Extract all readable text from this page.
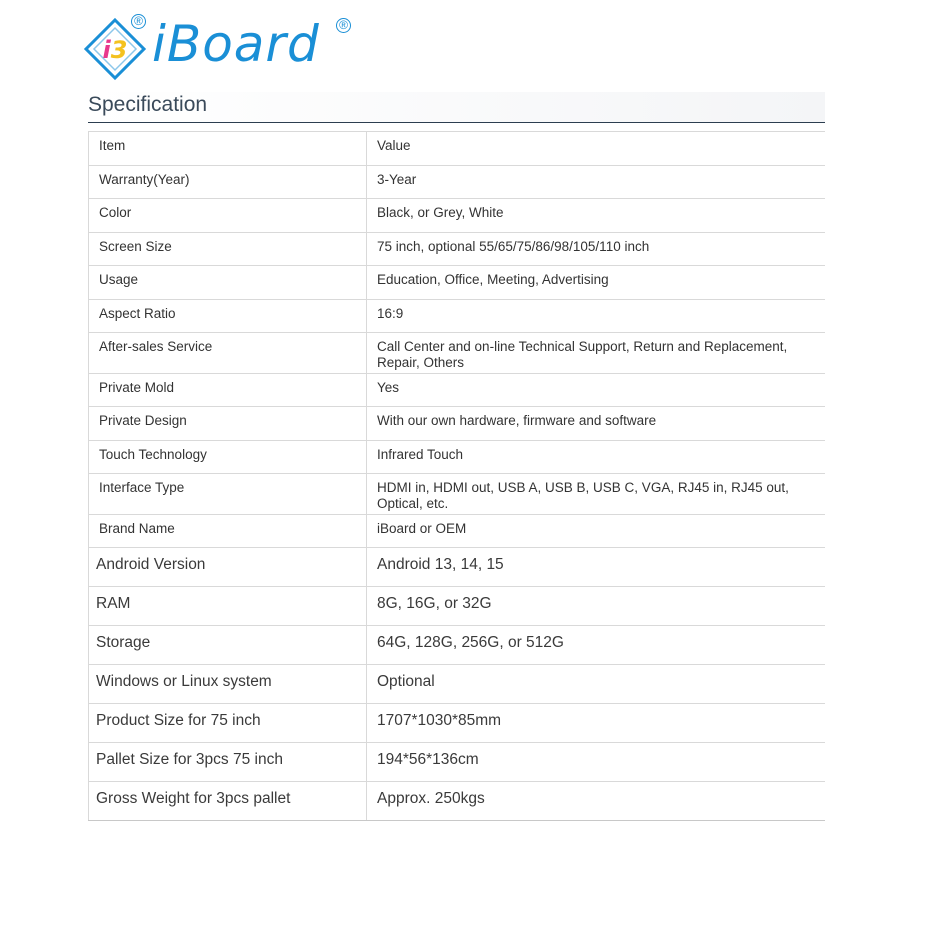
i3
® iBoard ®
Specification
Item	Value
Warranty(Year)	3-Year
Color	Black, or Grey, White
Screen Size	75 inch, optional 55/65/75/86/98/105/110 inch
Usage	Education, Office, Meeting, Advertising
Aspect Ratio	16:9
After-sales Service	Call Center and on-line Technical Support, Return and Replacement, Repair, Others
Private Mold	Yes
Private Design	With our own hardware, firmware and software
Touch Technology	Infrared Touch
Interface Type	HDMI in, HDMI out, USB A, USB B, USB C, VGA, RJ45 in, RJ45 out, Optical, etc.
Brand Name	iBoard or OEM
Android Version	Android 13, 14, 15
RAM	8G, 16G, or 32G
Storage	64G, 128G, 256G, or 512G
Windows or Linux system	Optional
Product Size for 75 inch	1707*1030*85mm
Pallet Size for 3pcs 75 inch	194*56*136cm
Gross Weight for 3pcs pallet	Approx. 250kgs
